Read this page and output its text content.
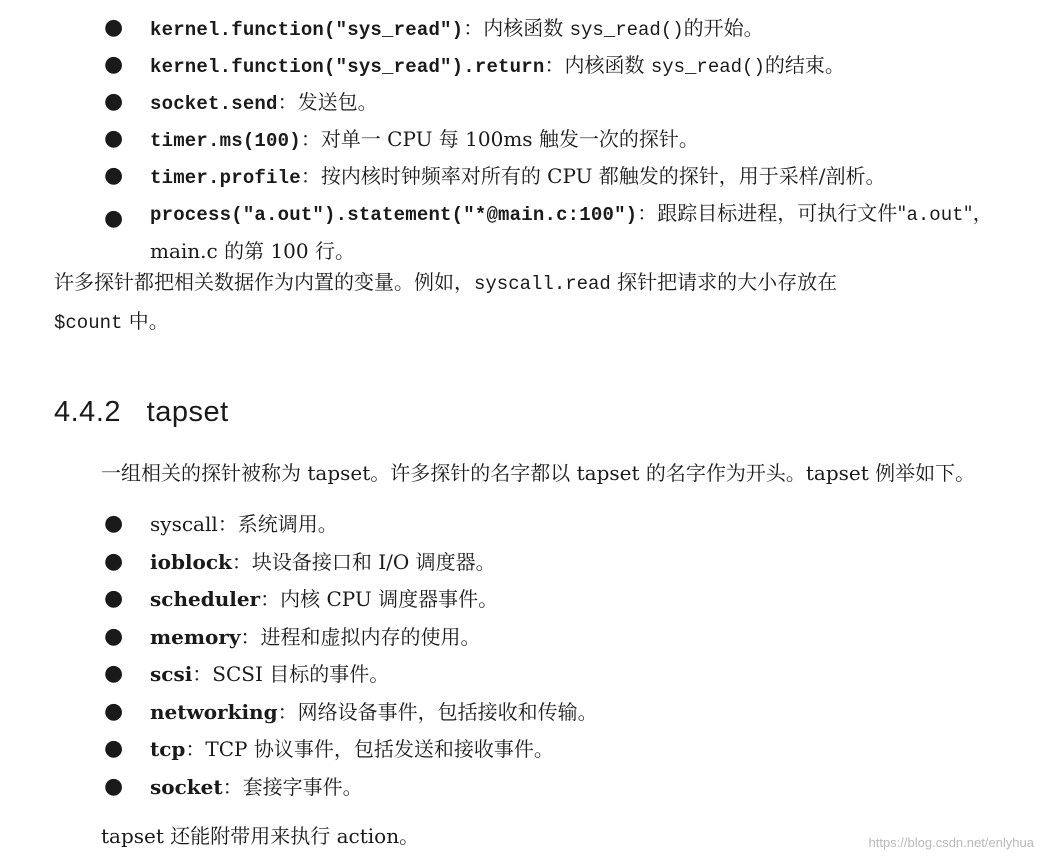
● kernel.function("sys_read")：内核函数 sys_read()的开始。
● kernel.function("sys_read").return：内核函数 sys_read()的结束。
● socket.send：发送包。
● timer.ms(100)：对单一 CPU 每 100ms 触发一次的探针。
● timer.profile：按内核时钟频率对所有的 CPU 都触发的探针，用于采样/剖析。
● process("a.out").statement("*@main.c:100")：跟踪目标进程，可执行文件"a.out"，main.c 的第 100 行。

许多探针都把相关数据作为内置的变量。例如，syscall.read 探针把请求的大小存放在
$count 中。

4.4.2   tapset

一组相关的探针被称为 tapset。许多探针的名字都以 tapset 的名字作为开头。tapset 例举如下。

● syscall：系统调用。
● ioblock：块设备接口和 I/O 调度器。
● scheduler：内核 CPU 调度器事件。
● memory：进程和虚拟内存的使用。
● scsi：SCSI 目标的事件。
● networking：网络设备事件，包括接收和传输。
● tcp：TCP 协议事件，包括发送和接收事件。
● socket：套接字事件。

tapset 还能附带用来执行 action。	https://blog.csdn.net/enlyhua
